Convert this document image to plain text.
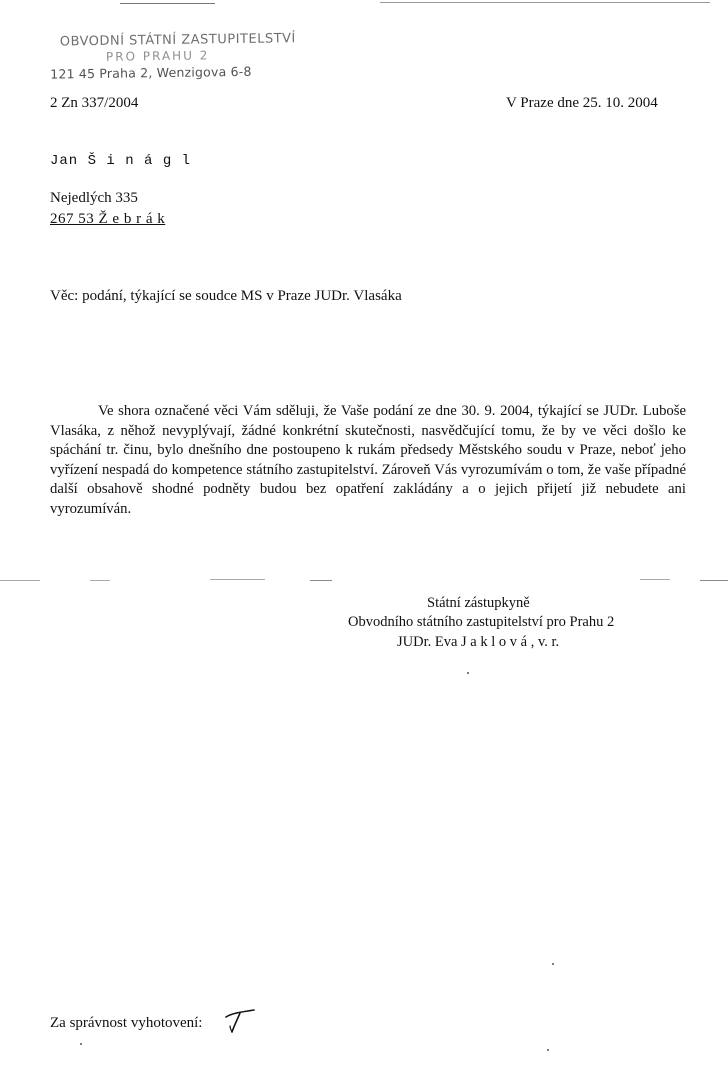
OBVODNÍ STÁTNÍ ZASTUPITELSTVÍ
PRO PRAHU 2
121 45 Praha 2, Wenzigova 6-8
2 Zn 337/2004	V Praze dne 25. 10. 2004
Jan Š i n á g l
Nejedlých 335
267 53 Ž e b r á k
Věc: podání, týkající se soudce MS v Praze JUDr. Vlasáka
Ve shora označené věci Vám sděluji, že Vaše podání ze dne 30. 9. 2004, týkající se JUDr. Luboše Vlasáka, z něhož nevyplývají, žádné konkrétní skutečnosti, nasvědčující tomu, že by ve věci došlo ke spáchání tr. činu, bylo dnešního dne postoupeno k rukám předsedy Městského soudu v Praze, neboť jeho vyřízení nespadá do kompetence státního zastupitelství. Zároveň Vás vyrozumívám o tom, že vaše případné další obsahově shodné podněty budou bez opatření zakládány a o jejich přijetí již nebudete ani vyrozumíván.
Státní zástupkyně
Obvodního státního zastupitelství pro Prahu 2
JUDr. Eva J a k l o v á , v. r.
Za správnost vyhotovení:
